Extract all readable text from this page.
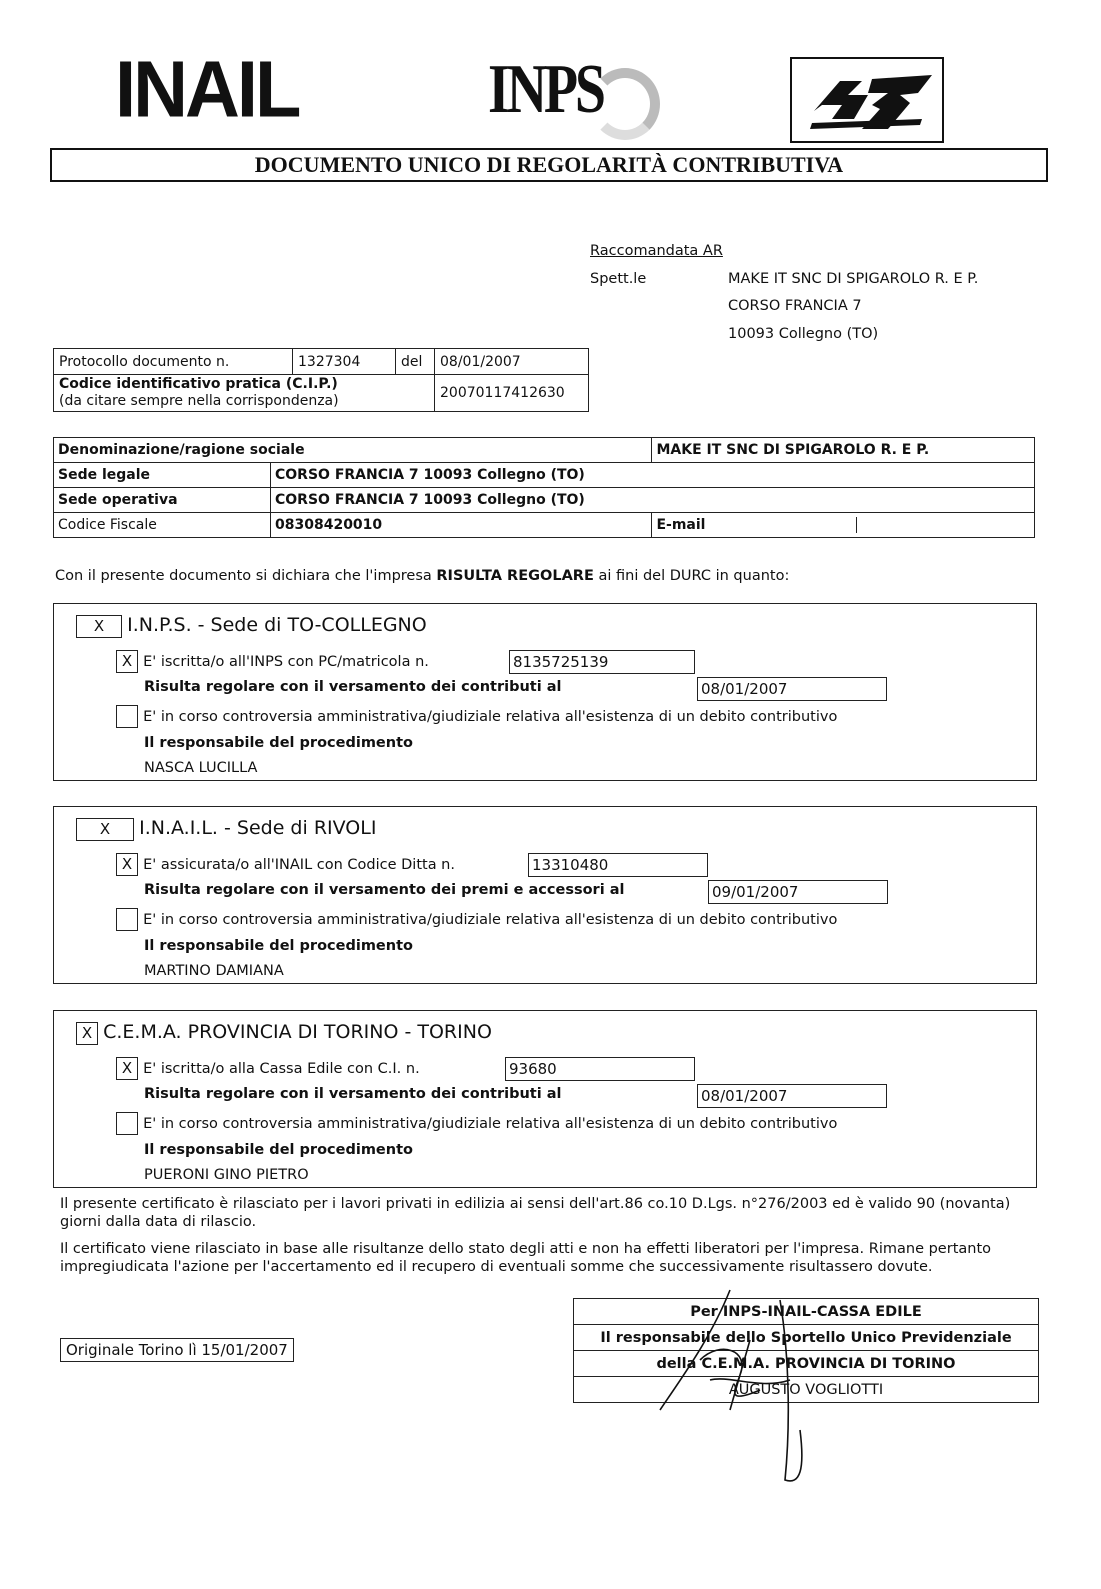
INAIL	INPS
DOCUMENTO UNICO DI REGOLARITÀ CONTRIBUTIVA
Raccomandata AR
Spett.le	MAKE IT SNC DI SPIGAROLO R. E P.
CORSO FRANCIA 7
10093 Collegno (TO)
Protocollo documento n.	1327304	del	08/01/2007

Codice identificativo pratica (C.I.P.)
(da citare sempre nella corrispondenza)			20070117412630
Denominazione/ragione sociale		MAKE IT SNC DI SPIGAROLO R. E P.
Sede legale	CORSO FRANCIA 7 10093 Collegno (TO)	
Sede operativa	CORSO FRANCIA 7 10093 Collegno (TO)	
Codice Fiscale	08308420010	E-mail
Con il presente documento si dichiara che l'impresa RISULTA REGOLARE ai fini del DURC in quanto:
X I.N.P.S. - Sede di TO-COLLEGNO
X E' iscritta/o all'INPS con PC/matricola n.	8135725139
Risulta regolare con il versamento dei contributi al	08/01/2007
E' in corso controversia amministrativa/giudiziale relativa all'esistenza di un debito contributivo
Il responsabile del procedimento
NASCA LUCILLA
X I.N.A.I.L. - Sede di RIVOLI
X E' assicurata/o all'INAIL con Codice Ditta n.	13310480
Risulta regolare con il versamento dei premi e accessori al	09/01/2007
E' in corso controversia amministrativa/giudiziale relativa all'esistenza di un debito contributivo
Il responsabile del procedimento
MARTINO DAMIANA
X C.E.M.A. PROVINCIA DI TORINO - TORINO
X E' iscritta/o alla Cassa Edile con C.I. n.	93680
Risulta regolare con il versamento dei contributi al	08/01/2007
E' in corso controversia amministrativa/giudiziale relativa all'esistenza di un debito contributivo
Il responsabile del procedimento
PUERONI GINO PIETRO
Il presente certificato è rilasciato per i lavori privati in edilizia ai sensi dell'art.86 co.10 D.Lgs. n°276/2003 ed è valido 90 (novanta) giorni dalla data di rilascio.
Il certificato viene rilasciato in base alle risultanze dello stato degli atti e non ha effetti liberatori per l'impresa. Rimane pertanto impregiudicata l'azione per l'accertamento ed il recupero di eventuali somme che successivamente risultassero dovute.
Originale Torino lì 15/01/2007
Per INPS-INAIL-CASSA EDILE
Il responsabile dello Sportello Unico Previdenziale
della C.E.M.A. PROVINCIA DI TORINO
AUGUSTO VOGLIOTTI
